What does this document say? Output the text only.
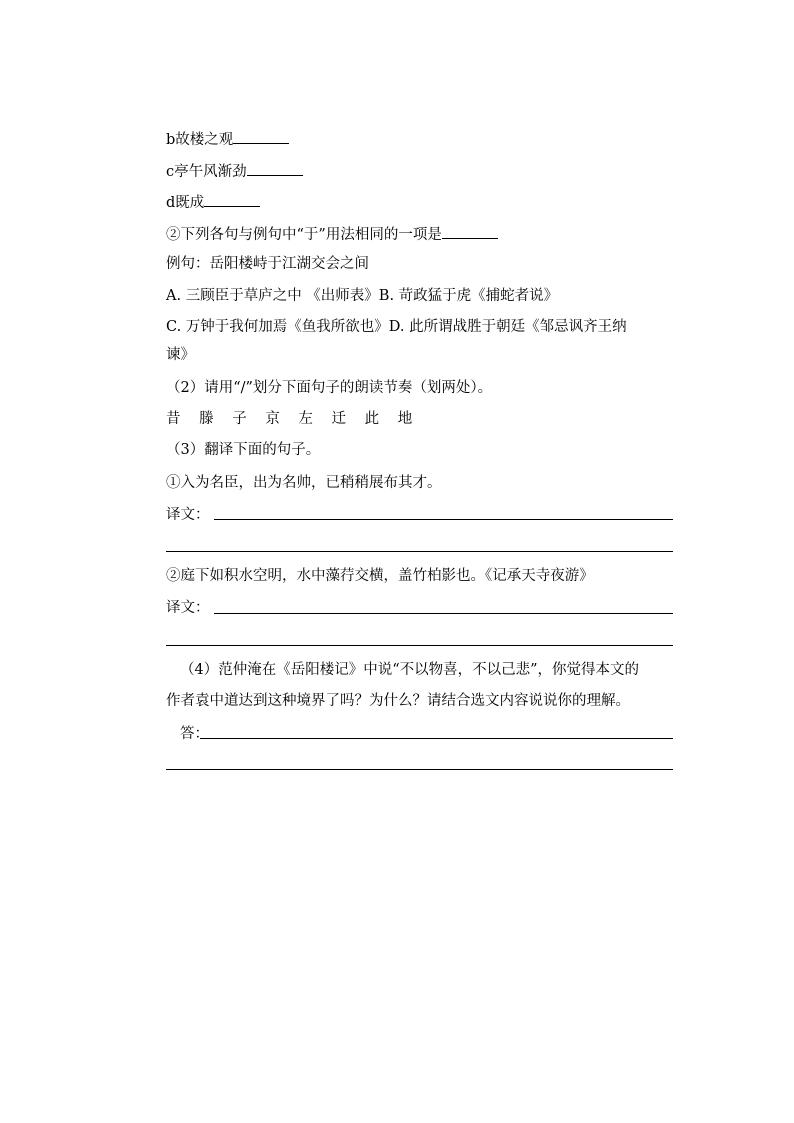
b故楼之观
c亭午风渐劲
d既成
②下列各句与例句中“于”用法相同的一项是
例句：岳阳楼峙于江湖交会之间
A. 三顾臣于草庐之中 《出师表》B. 苛政猛于虎《捕蛇者说》
C. 万钟于我何加焉《鱼我所欲也》D. 此所谓战胜于朝廷《邹忌讽齐王纳
谏》
（2）请用“/”划分下面句子的朗读节奏（划两处）。
昔 滕 子 京 左 迁 此 地
（3）翻译下面的句子。
①入为名臣，出为名帅，已稍稍展布其才。
译文：
②庭下如积水空明，水中藻荇交横，盖竹柏影也。《记承天寺夜游》
译文：
（4）范仲淹在《岳阳楼记》中说“不以物喜，不以己悲”，你觉得本文的
作者袁中道达到这种境界了吗？为什么？请结合选文内容说说你的理解。
答：
